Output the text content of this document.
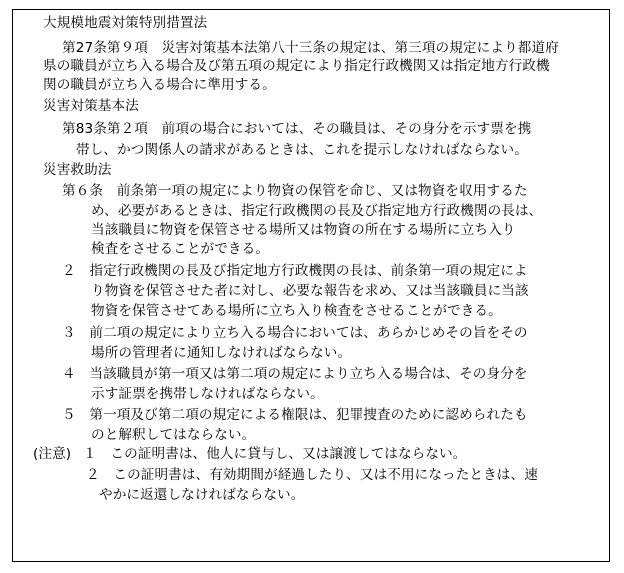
大規模地震対策特別措置法
第27条第９項　災害対策基本法第八十三条の規定は、第三項の規定により都道府
県の職員が立ち入る場合及び第五項の規定により指定行政機関又は指定地方行政機
関の職員が立ち入る場合に準用する。
災害対策基本法
第83条第２項　前項の場合においては、その職員は、その身分を示す票を携
帯し、かつ関係人の請求があるときは、これを提示しなければならない。
災害救助法
第６条　前条第一項の規定により物資の保管を命じ、又は物資を収用するた
め、必要があるときは、指定行政機関の長及び指定地方行政機関の長は、
当該職員に物資を保管させる場所又は物資の所在する場所に立ち入り
検査をさせることができる。
２　指定行政機関の長及び指定地方行政機関の長は、前条第一項の規定によ
り物資を保管させた者に対し、必要な報告を求め、又は当該職員に当該
物資を保管させてある場所に立ち入り検査をさせることができる。
３　前二項の規定により立ち入る場合においては、あらかじめその旨をその
場所の管理者に通知しなければならない。
４　当該職員が第一項又は第二項の規定により立ち入る場合は、その身分を
示す証票を携帯しなければならない。
５　第一項及び第二項の規定による権限は、犯罪捜査のために認められたも
のと解釈してはならない。
(注意) １　この証明書は、他人に貸与し、又は譲渡してはならない。
２　この証明書は、有効期間が経過したり、又は不用になったときは、速
やかに返還しなければならない。
